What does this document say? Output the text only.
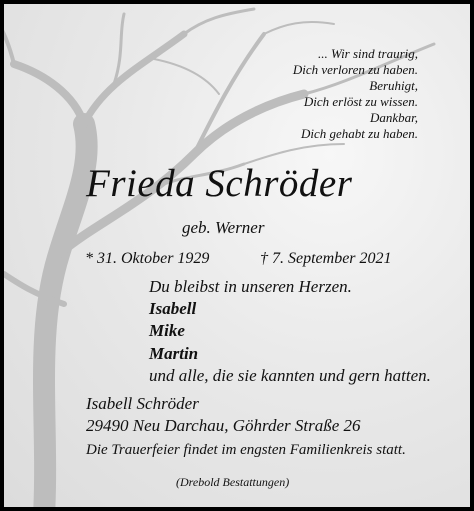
... Wir sind traurig,
Dich verloren zu haben.
Beruhigt,
Dich erlöst zu wissen.
Dankbar,
Dich gehabt zu haben.
Frieda Schröder
geb. Werner
* 31. Oktober 1929	† 7. September 2021
Du bleibst in unseren Herzen.
Isabell
Mike
Martin
und alle, die sie kannten und gern hatten.
Isabell Schröder
29490 Neu Darchau, Göhrder Straße 26
Die Trauerfeier findet im engsten Familienkreis statt.
(Drebold Bestattungen)
